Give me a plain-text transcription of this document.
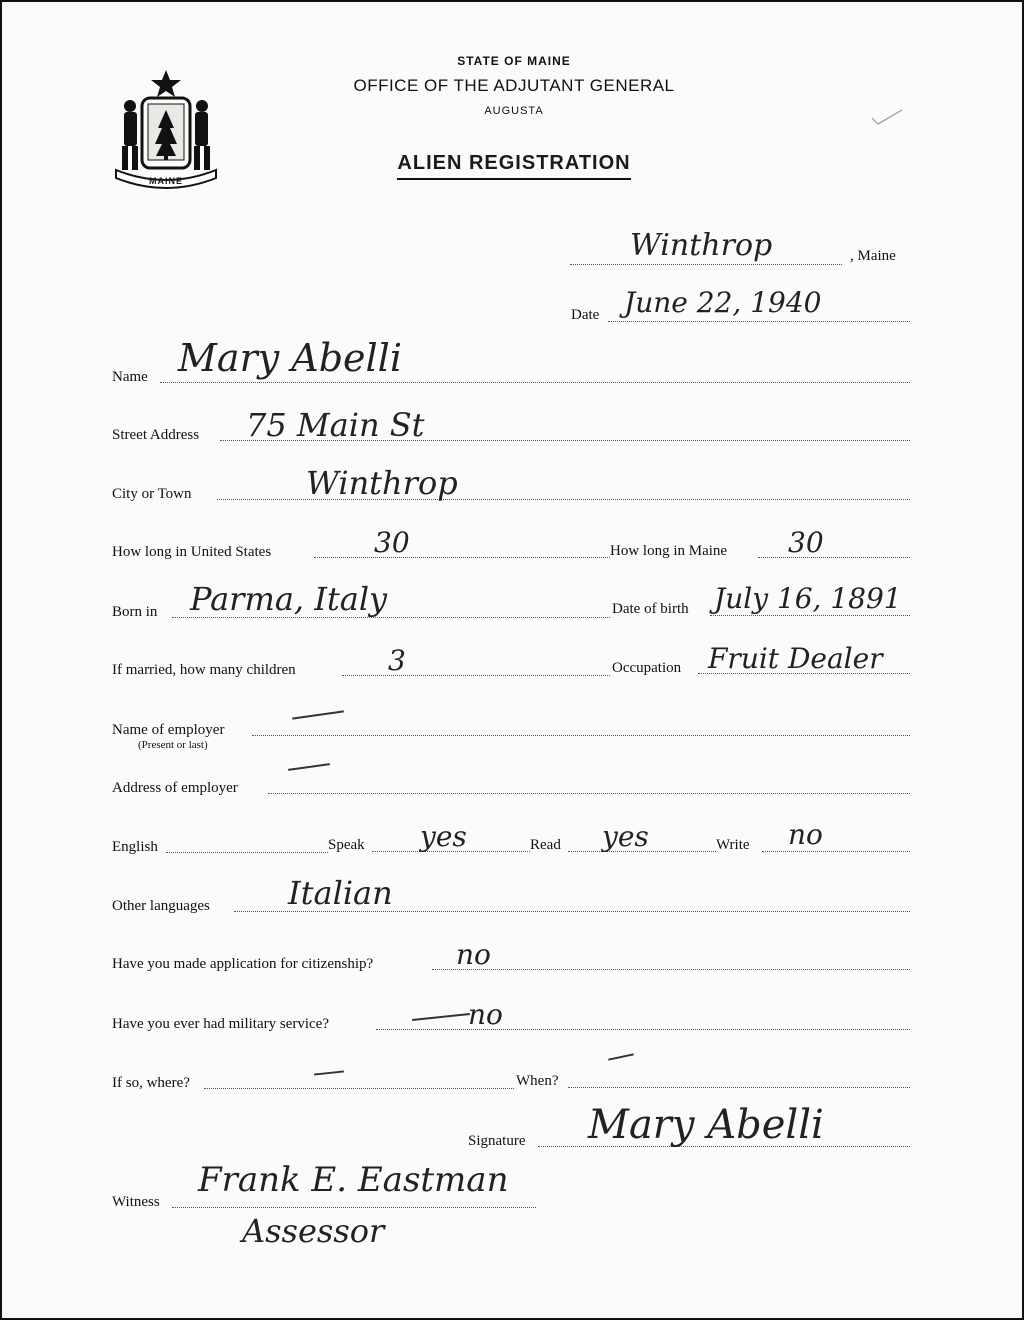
MAINE
STATE OF MAINE
OFFICE OF THE ADJUTANT GENERAL
AUGUSTA
ALIEN REGISTRATION
Winthrop	, Maine
Date June 22, 1940
Name Mary Abelli
Street Address 75 Main St
City or Town	Winthrop
How long in United States	30	How long in Maine 30
Born in Parma, Italy	Date of birth July 16, 1891
If married, how many children	3	Occupation Fruit Dealer
Name of employer
(Present or last)
Address of employer
English	Speak yes	Read yes	Write no
Other languages Italian
Have you made application for citizenship?	no
Have you ever had military service?	no
If so, where?	When?
Signature Mary Abelli
Witness
Frank E. Eastman
Assessor
